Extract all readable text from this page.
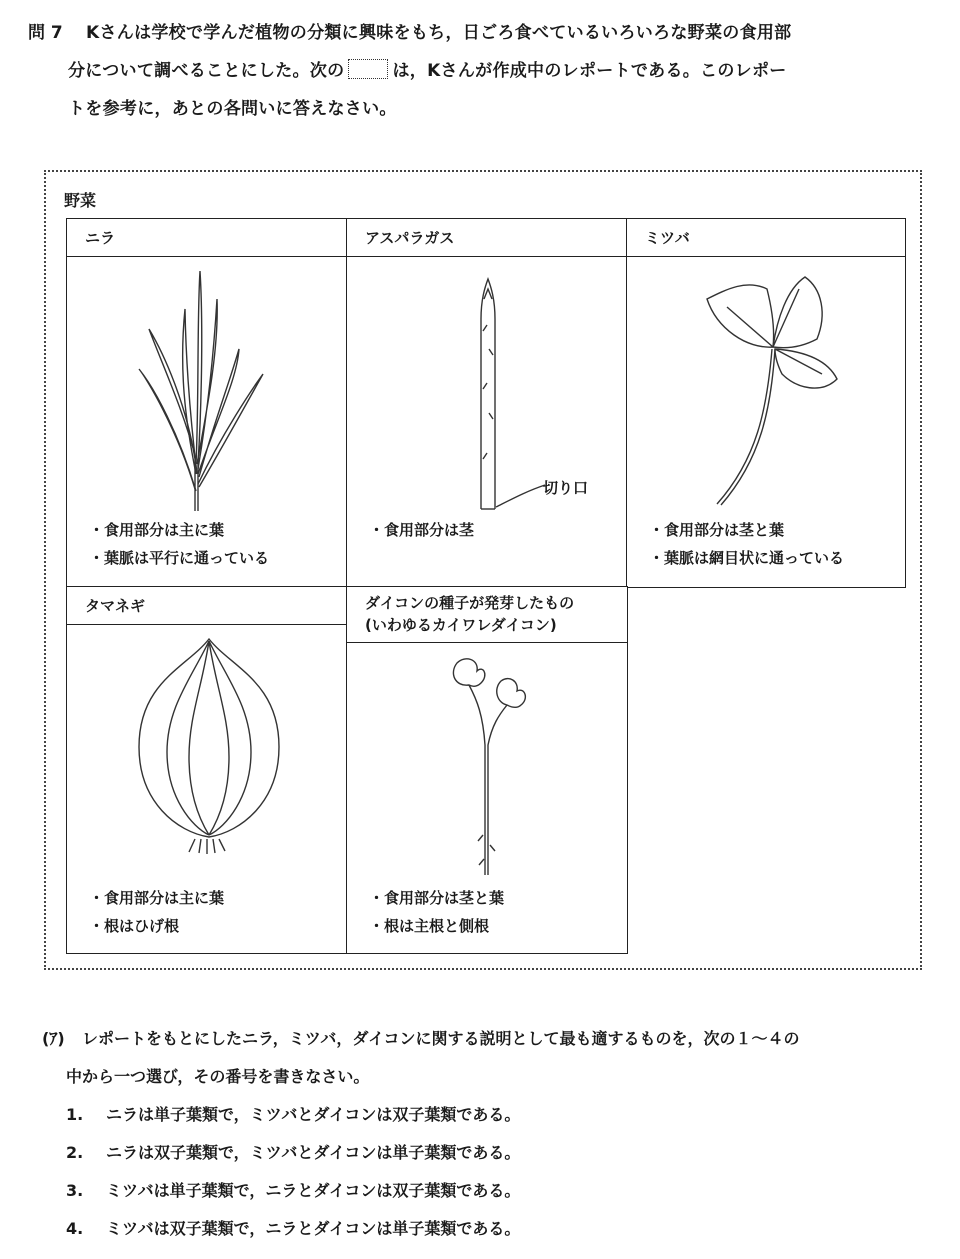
問 7	Kさんは学校で学んだ植物の分類に興味をもち，日ごろ食べているいろいろな野菜の食用部
分について調べることにした。次の	は，Kさんが作成中のレポートである。このレポー
トを参考に，あとの各問いに答えなさい。
野菜
ニラ
・食用部分は主に葉
・葉脈は平行に通っている
アスパラガス
切り口
・食用部分は茎
ミツバ
・食用部分は茎と葉
・葉脈は網目状に通っている
タマネギ
・食用部分は主に葉
・根はひげ根
ダイコンの種子が発芽したもの
(いわゆるカイワレダイコン)
・食用部分は茎と葉
・根は主根と側根
(ｱ) レポートをもとにしたニラ，ミツバ，ダイコンに関する説明として最も適するものを，次の１～４の
中から一つ選び，その番号を書きなさい。
1. ニラは単子葉類で，ミツバとダイコンは双子葉類である。
2. ニラは双子葉類で，ミツバとダイコンは単子葉類である。
3. ミツバは単子葉類で，ニラとダイコンは双子葉類である。
4. ミツバは双子葉類で，ニラとダイコンは単子葉類である。
